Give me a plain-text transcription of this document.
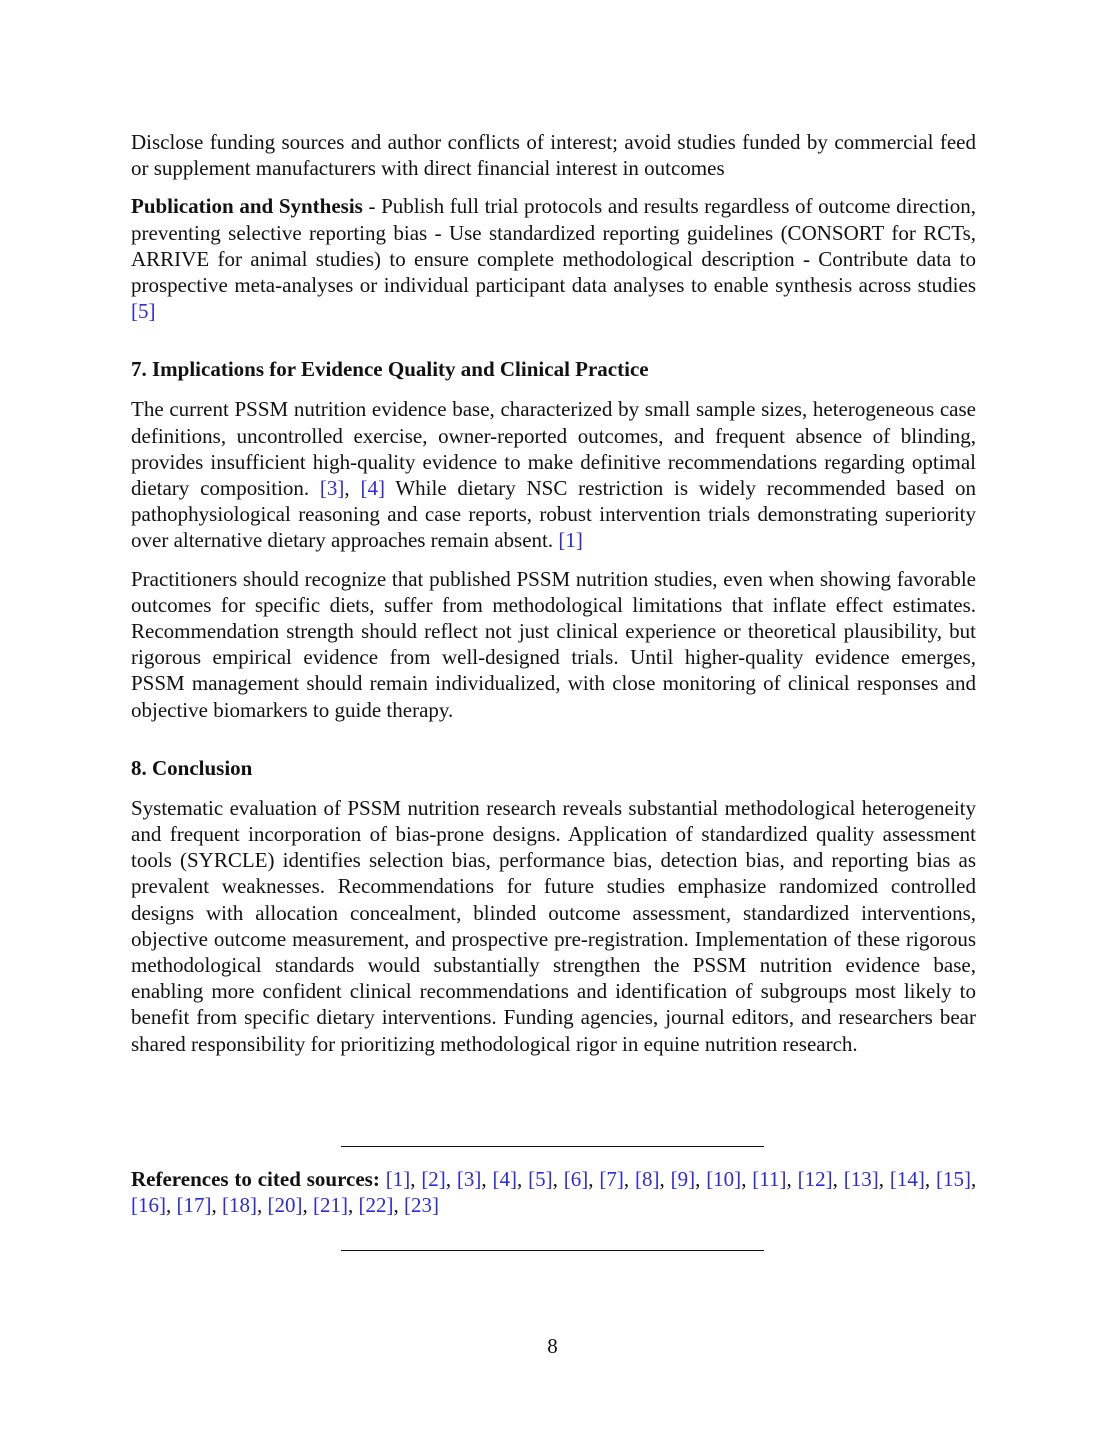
Disclose funding sources and author conflicts of interest; avoid studies funded by commercial feed or supplement manufacturers with direct financial interest in outcomes

Publication and Synthesis - Publish full trial protocols and results regardless of outcome direction, preventing selective reporting bias - Use standardized reporting guidelines (CONSORT for RCTs, ARRIVE for animal studies) to ensure complete methodological description - Contribute data to prospective meta-analyses or individual participant data analyses to enable synthesis across studies [5]

7. Implications for Evidence Quality and Clinical Practice

The current PSSM nutrition evidence base, characterized by small sample sizes, heterogeneous case definitions, uncontrolled exercise, owner-reported outcomes, and frequent absence of blinding, provides insufficient high-quality evidence to make definitive recommendations regarding optimal dietary composition. [3], [4] While dietary NSC restriction is widely recommended based on pathophysiological reasoning and case reports, robust intervention trials demonstrating superiority over alternative dietary approaches remain absent. [1]

Practitioners should recognize that published PSSM nutrition studies, even when showing favorable outcomes for specific diets, suffer from methodological limitations that inflate effect estimates. Recommendation strength should reflect not just clinical experience or theoretical plausibility, but rigorous empirical evidence from well-designed trials. Until higher-quality evidence emerges, PSSM management should remain individualized, with close monitoring of clinical responses and objective biomarkers to guide therapy.

8. Conclusion

Systematic evaluation of PSSM nutrition research reveals substantial methodological heterogeneity and frequent incorporation of bias-prone designs. Application of standardized quality assessment tools (SYRCLE) identifies selection bias, performance bias, detection bias, and reporting bias as prevalent weaknesses. Recommendations for future studies emphasize randomized controlled designs with allocation concealment, blinded outcome assessment, standardized interventions, objective outcome measurement, and prospective pre-registration. Implementation of these rigorous methodological standards would substantially strengthen the PSSM nutrition evidence base, enabling more confident clinical recommendations and identification of subgroups most likely to benefit from specific dietary interventions. Funding agencies, journal editors, and researchers bear shared responsibility for prioritizing methodological rigor in equine nutrition research.

References to cited sources: [1], [2], [3], [4], [5], [6], [7], [8], [9], [10], [11], [12], [13], [14], [15], [16], [17], [18], [20], [21], [22], [23]

8
